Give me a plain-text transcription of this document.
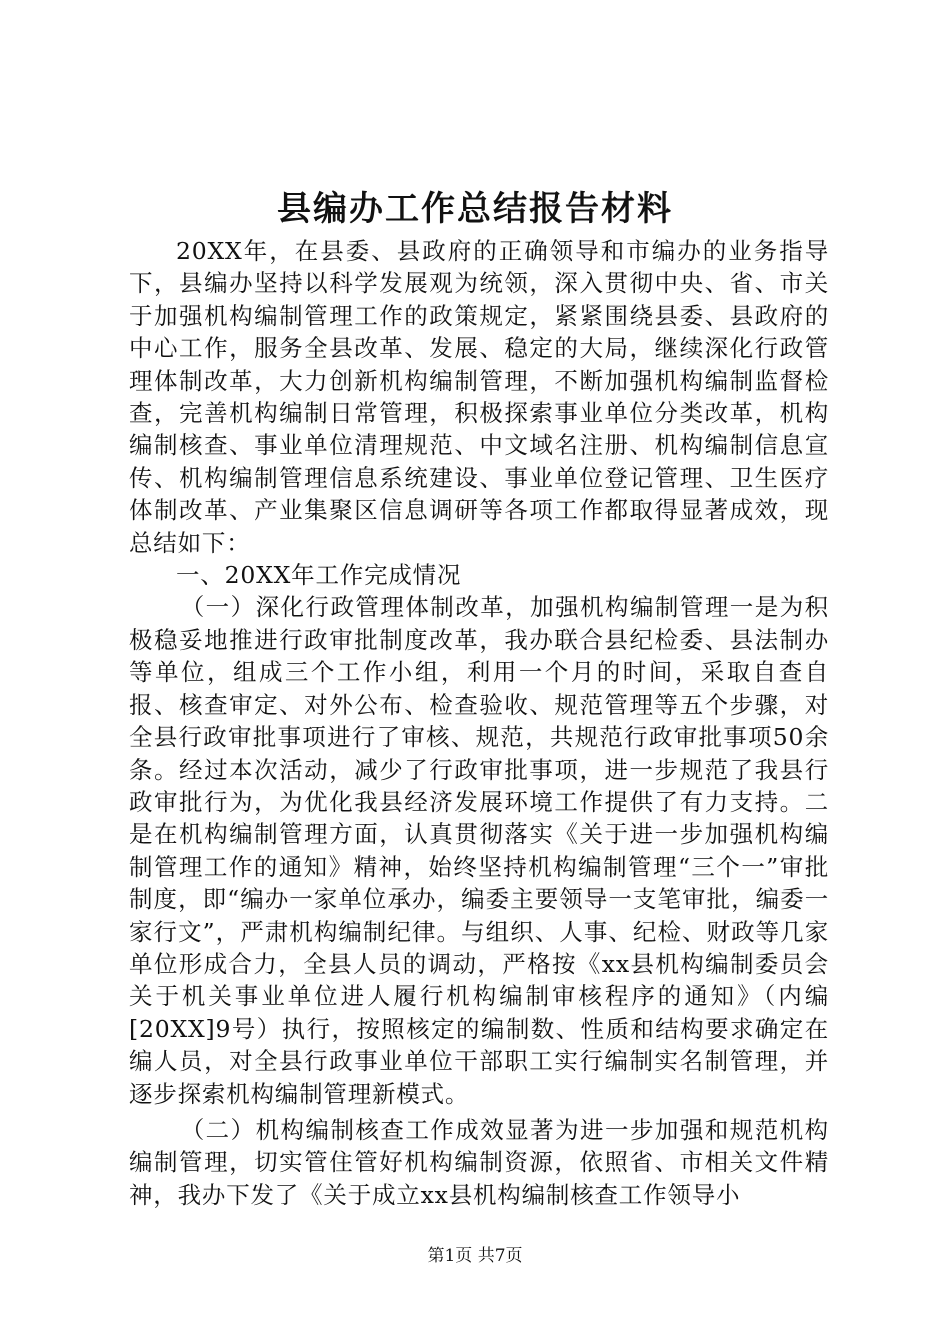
县编办工作总结报告材料

20XX年，在县委、县政府的正确领导和市编办的业务指导下，县编办坚持以科学发展观为统领，深入贯彻中央、省、市关于加强机构编制管理工作的政策规定，紧紧围绕县委、县政府的中心工作，服务全县改革、发展、稳定的大局，继续深化行政管理体制改革，大力创新机构编制管理，不断加强机构编制监督检查，完善机构编制日常管理，积极探索事业单位分类改革，机构编制核查、事业单位清理规范、中文域名注册、机构编制信息宣传、机构编制管理信息系统建设、事业单位登记管理、卫生医疗体制改革、产业集聚区信息调研等各项工作都取得显著成效，现总结如下：

一、20XX年工作完成情况

（一）深化行政管理体制改革，加强机构编制管理一是为积极稳妥地推进行政审批制度改革，我办联合县纪检委、县法制办等单位，组成三个工作小组，利用一个月的时间，采取自查自报、核查审定、对外公布、检查验收、规范管理等五个步骤，对全县行政审批事项进行了审核、规范，共规范行政审批事项50余条。经过本次活动，减少了行政审批事项，进一步规范了我县行政审批行为，为优化我县经济发展环境工作提供了有力支持。二是在机构编制管理方面，认真贯彻落实《关于进一步加强机构编制管理工作的通知》精神，始终坚持机构编制管理“三个一”审批制度，即“编办一家单位承办，编委主要领导一支笔审批，编委一家行文”，严肃机构编制纪律。与组织、人事、纪检、财政等几家单位形成合力，全县人员的调动，严格按《xx县机构编制委员会关于机关事业单位进人履行机构编制审核程序的通知》（内编[20XX]9号）执行，按照核定的编制数、性质和结构要求确定在编人员，对全县行政事业单位干部职工实行编制实名制管理，并逐步探索机构编制管理新模式。

（二）机构编制核查工作成效显著为进一步加强和规范机构编制管理，切实管住管好机构编制资源，依照省、市相关文件精神，我办下发了《关于成立xx县机构编制核查工作领导小

第1页 共7页
